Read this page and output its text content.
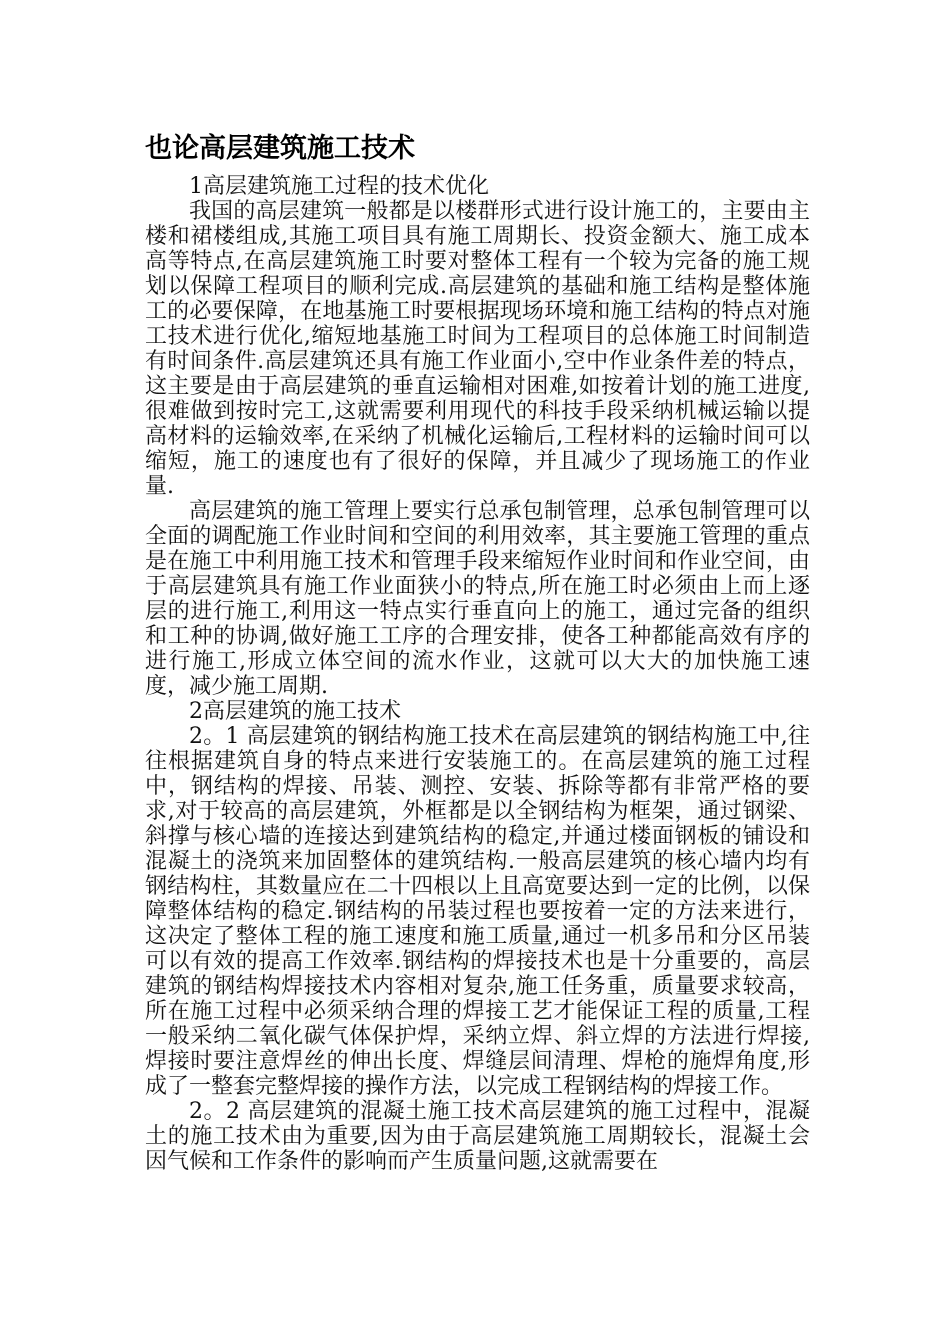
也论高层建筑施工技术

1高层建筑施工过程的技术优化

我国的高层建筑一般都是以楼群形式进行设计施工的，主要由主楼和裙楼组成,其施工项目具有施工周期长、投资金额大、施工成本高等特点,在高层建筑施工时要对整体工程有一个较为完备的施工规划以保障工程项目的顺利完成.高层建筑的基础和施工结构是整体施工的必要保障，在地基施工时要根据现场环境和施工结构的特点对施工技术进行优化,缩短地基施工时间为工程项目的总体施工时间制造有时间条件.高层建筑还具有施工作业面小,空中作业条件差的特点，这主要是由于高层建筑的垂直运输相对困难,如按着计划的施工进度,很难做到按时完工,这就需要利用现代的科技手段采纳机械运输以提高材料的运输效率,在采纳了机械化运输后,工程材料的运输时间可以缩短，施工的速度也有了很好的保障，并且减少了现场施工的作业量.

高层建筑的施工管理上要实行总承包制管理，总承包制管理可以全面的调配施工作业时间和空间的利用效率，其主要施工管理的重点是在施工中利用施工技术和管理手段来缩短作业时间和作业空间，由于高层建筑具有施工作业面狭小的特点,所在施工时必须由上而上逐层的进行施工,利用这一特点实行垂直向上的施工，通过完备的组织和工种的协调,做好施工工序的合理安排，使各工种都能高效有序的进行施工,形成立体空间的流水作业，这就可以大大的加快施工速度，减少施工周期.

2高层建筑的施工技术

2。1 高层建筑的钢结构施工技术在高层建筑的钢结构施工中,往往根据建筑自身的特点来进行安装施工的。在高层建筑的施工过程中，钢结构的焊接、吊装、测控、安装、拆除等都有非常严格的要求,对于较高的高层建筑，外框都是以全钢结构为框架，通过钢梁、斜撑与核心墙的连接达到建筑结构的稳定,并通过楼面钢板的铺设和混凝土的浇筑来加固整体的建筑结构.一般高层建筑的核心墙内均有钢结构柱，其数量应在二十四根以上且高宽要达到一定的比例，以保障整体结构的稳定.钢结构的吊装过程也要按着一定的方法来进行，这决定了整体工程的施工速度和施工质量,通过一机多吊和分区吊装可以有效的提高工作效率.钢结构的焊接技术也是十分重要的，高层建筑的钢结构焊接技术内容相对复杂,施工任务重，质量要求较高，所在施工过程中必须采纳合理的焊接工艺才能保证工程的质量,工程一般采纳二氧化碳气体保护焊，采纳立焊、斜立焊的方法进行焊接,焊接时要注意焊丝的伸出长度、焊缝层间清理、焊枪的施焊角度,形成了一整套完整焊接的操作方法，以完成工程钢结构的焊接工作。

2。2 高层建筑的混凝土施工技术高层建筑的施工过程中，混凝土的施工技术由为重要,因为由于高层建筑施工周期较长，混凝土会因气候和工作条件的影响而产生质量问题,这就需要在
